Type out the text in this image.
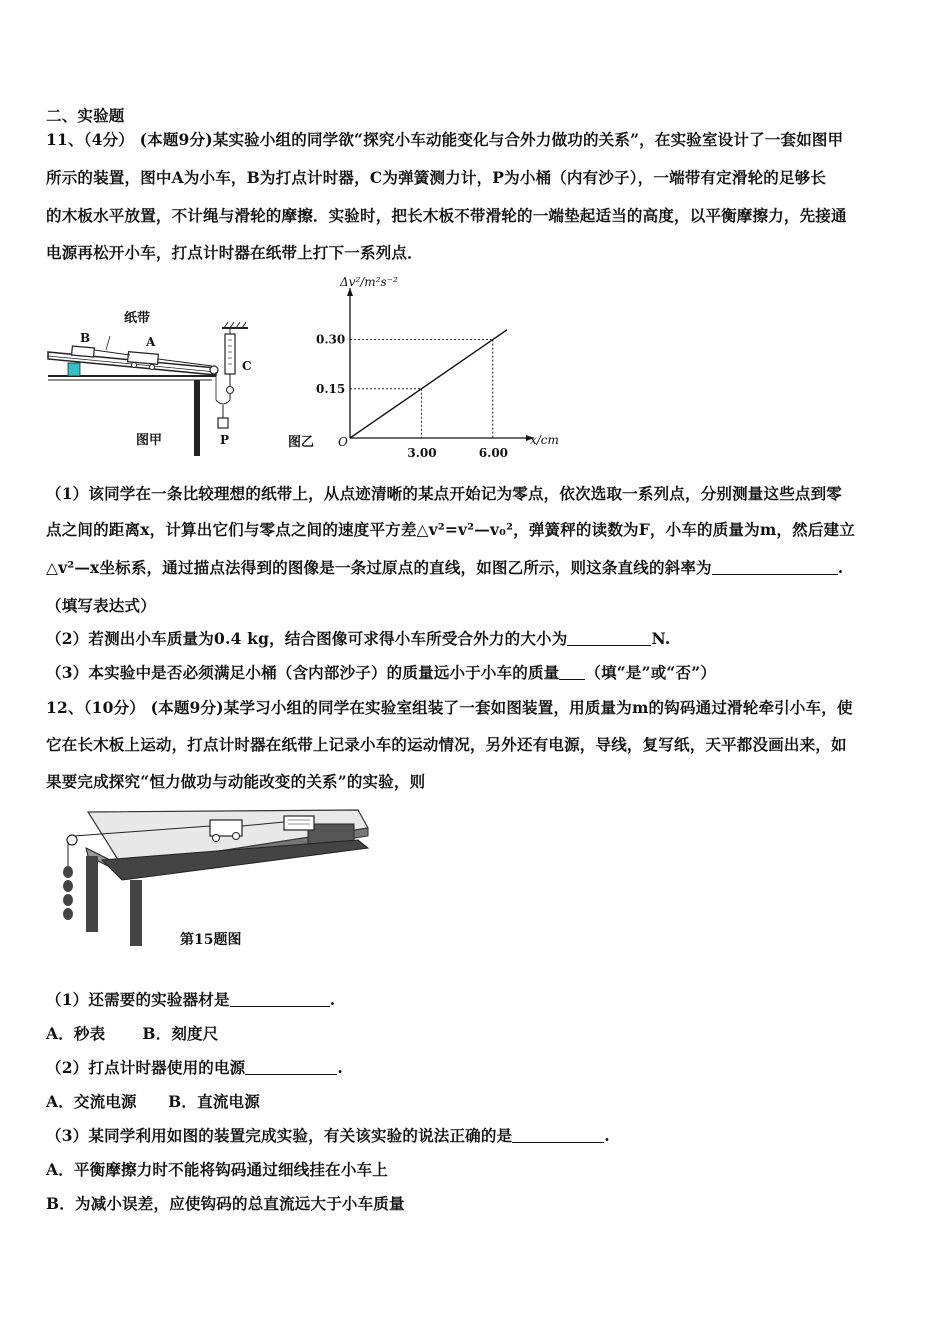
二、实验题
11、（4分） (本题9分)某实验小组的同学欲“探究小车动能变化与合外力做功的关系”，在实验室设计了一套如图甲
所示的装置，图中A为小车，B为打点计时器，C为弹簧测力计，P为小桶（内有沙子），一端带有定滑轮的足够长
的木板水平放置，不计绳与滑轮的摩擦．实验时，把长木板不带滑轮的一端垫起适当的高度，以平衡摩擦力，先接通
电源再松开小车，打点计时器在纸带上打下一系列点．
纸带
B	A
C
P
图甲
3.00	6.00
0.15
0.30
Δv²/m²s⁻²
x/cm
O
图乙
（1）该同学在一条比较理想的纸带上，从点迹清晰的某点开始记为零点，依次选取一系列点，分别测量这些点到零
点之间的距离x，计算出它们与零点之间的速度平方差△v²=v²—v₀²，弹簧秤的读数为F，小车的质量为m，然后建立
△v²—x坐标系，通过描点法得到的图像是一条过原点的直线，如图乙所示，则这条直线的斜率为	.
（填写表达式）
（2）若测出小车质量为0.4 kg，结合图像可求得小车所受合外力的大小为	N.
（3）本实验中是否必须满足小桶（含内部沙子）的质量远小于小车的质量 （填“是”或“否”）
12、（10分） (本题9分)某学习小组的同学在实验室组装了一套如图装置，用质量为m的钩码通过滑轮牵引小车，使
它在长木板上运动，打点计时器在纸带上记录小车的运动情况，另外还有电源，导线，复写纸，天平都没画出来，如
果要完成探究“恒力做功与动能改变的关系”的实验，则
第15题图
（1）还需要的实验器材是	.
A．秒表　　 B．刻度尺
（2）打点计时器使用的电源	.
A．交流电源　　B．直流电源
（3）某同学利用如图的装置完成实验，有关该实验的说法正确的是	.
A．平衡摩擦力时不能将钩码通过细线挂在小车上
B．为减小误差，应使钩码的总直流远大于小车质量
